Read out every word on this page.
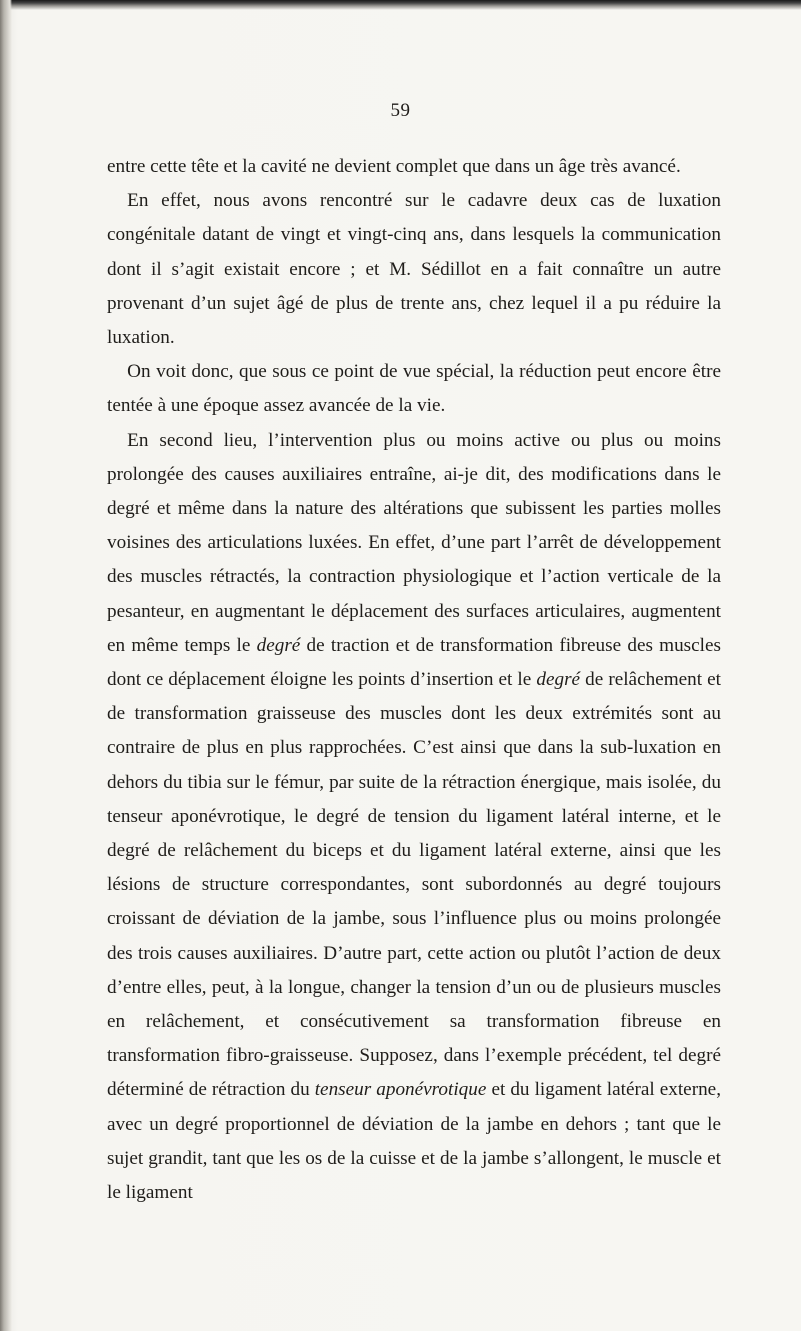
59

entre cette tête et la cavité ne devient complet que dans un âge très avancé.

En effet, nous avons rencontré sur le cadavre deux cas de luxation congénitale datant de vingt et vingt-cinq ans, dans lesquels la communication dont il s’agit existait encore ; et M. Sédillot en a fait connaître un autre provenant d’un sujet âgé de plus de trente ans, chez lequel il a pu réduire la luxation.

On voit donc, que sous ce point de vue spécial, la réduction peut encore être tentée à une époque assez avancée de la vie.

En second lieu, l’intervention plus ou moins active ou plus ou moins prolongée des causes auxiliaires entraîne, ai-je dit, des modifications dans le degré et même dans la nature des altérations que subissent les parties molles voisines des articulations luxées. En effet, d’une part l’arrêt de développement des muscles rétractés, la contraction physiologique et l’action verticale de la pesanteur, en augmentant le déplacement des surfaces articulaires, augmentent en même temps le degré de traction et de transformation fibreuse des muscles dont ce déplacement éloigne les points d’insertion et le degré de relâchement et de transformation graisseuse des muscles dont les deux extrémités sont au contraire de plus en plus rapprochées. C’est ainsi que dans la sub-luxation en dehors du tibia sur le fémur, par suite de la rétraction énergique, mais isolée, du tenseur aponévrotique, le degré de tension du ligament latéral interne, et le degré de relâchement du biceps et du ligament latéral externe, ainsi que les lésions de structure correspondantes, sont subordonnés au degré toujours croissant de déviation de la jambe, sous l’influence plus ou moins prolongée des trois causes auxiliaires. D’autre part, cette action ou plutôt l’action de deux d’entre elles, peut, à la longue, changer la tension d’un ou de plusieurs muscles en relâchement, et consécutivement sa transformation fibreuse en transformation fibro-graisseuse. Supposez, dans l’exemple précédent, tel degré déterminé de rétraction du tenseur aponévrotique et du ligament latéral externe, avec un degré proportionnel de déviation de la jambe en dehors ; tant que le sujet grandit, tant que les os de la cuisse et de la jambe s’allongent, le muscle et le ligament
